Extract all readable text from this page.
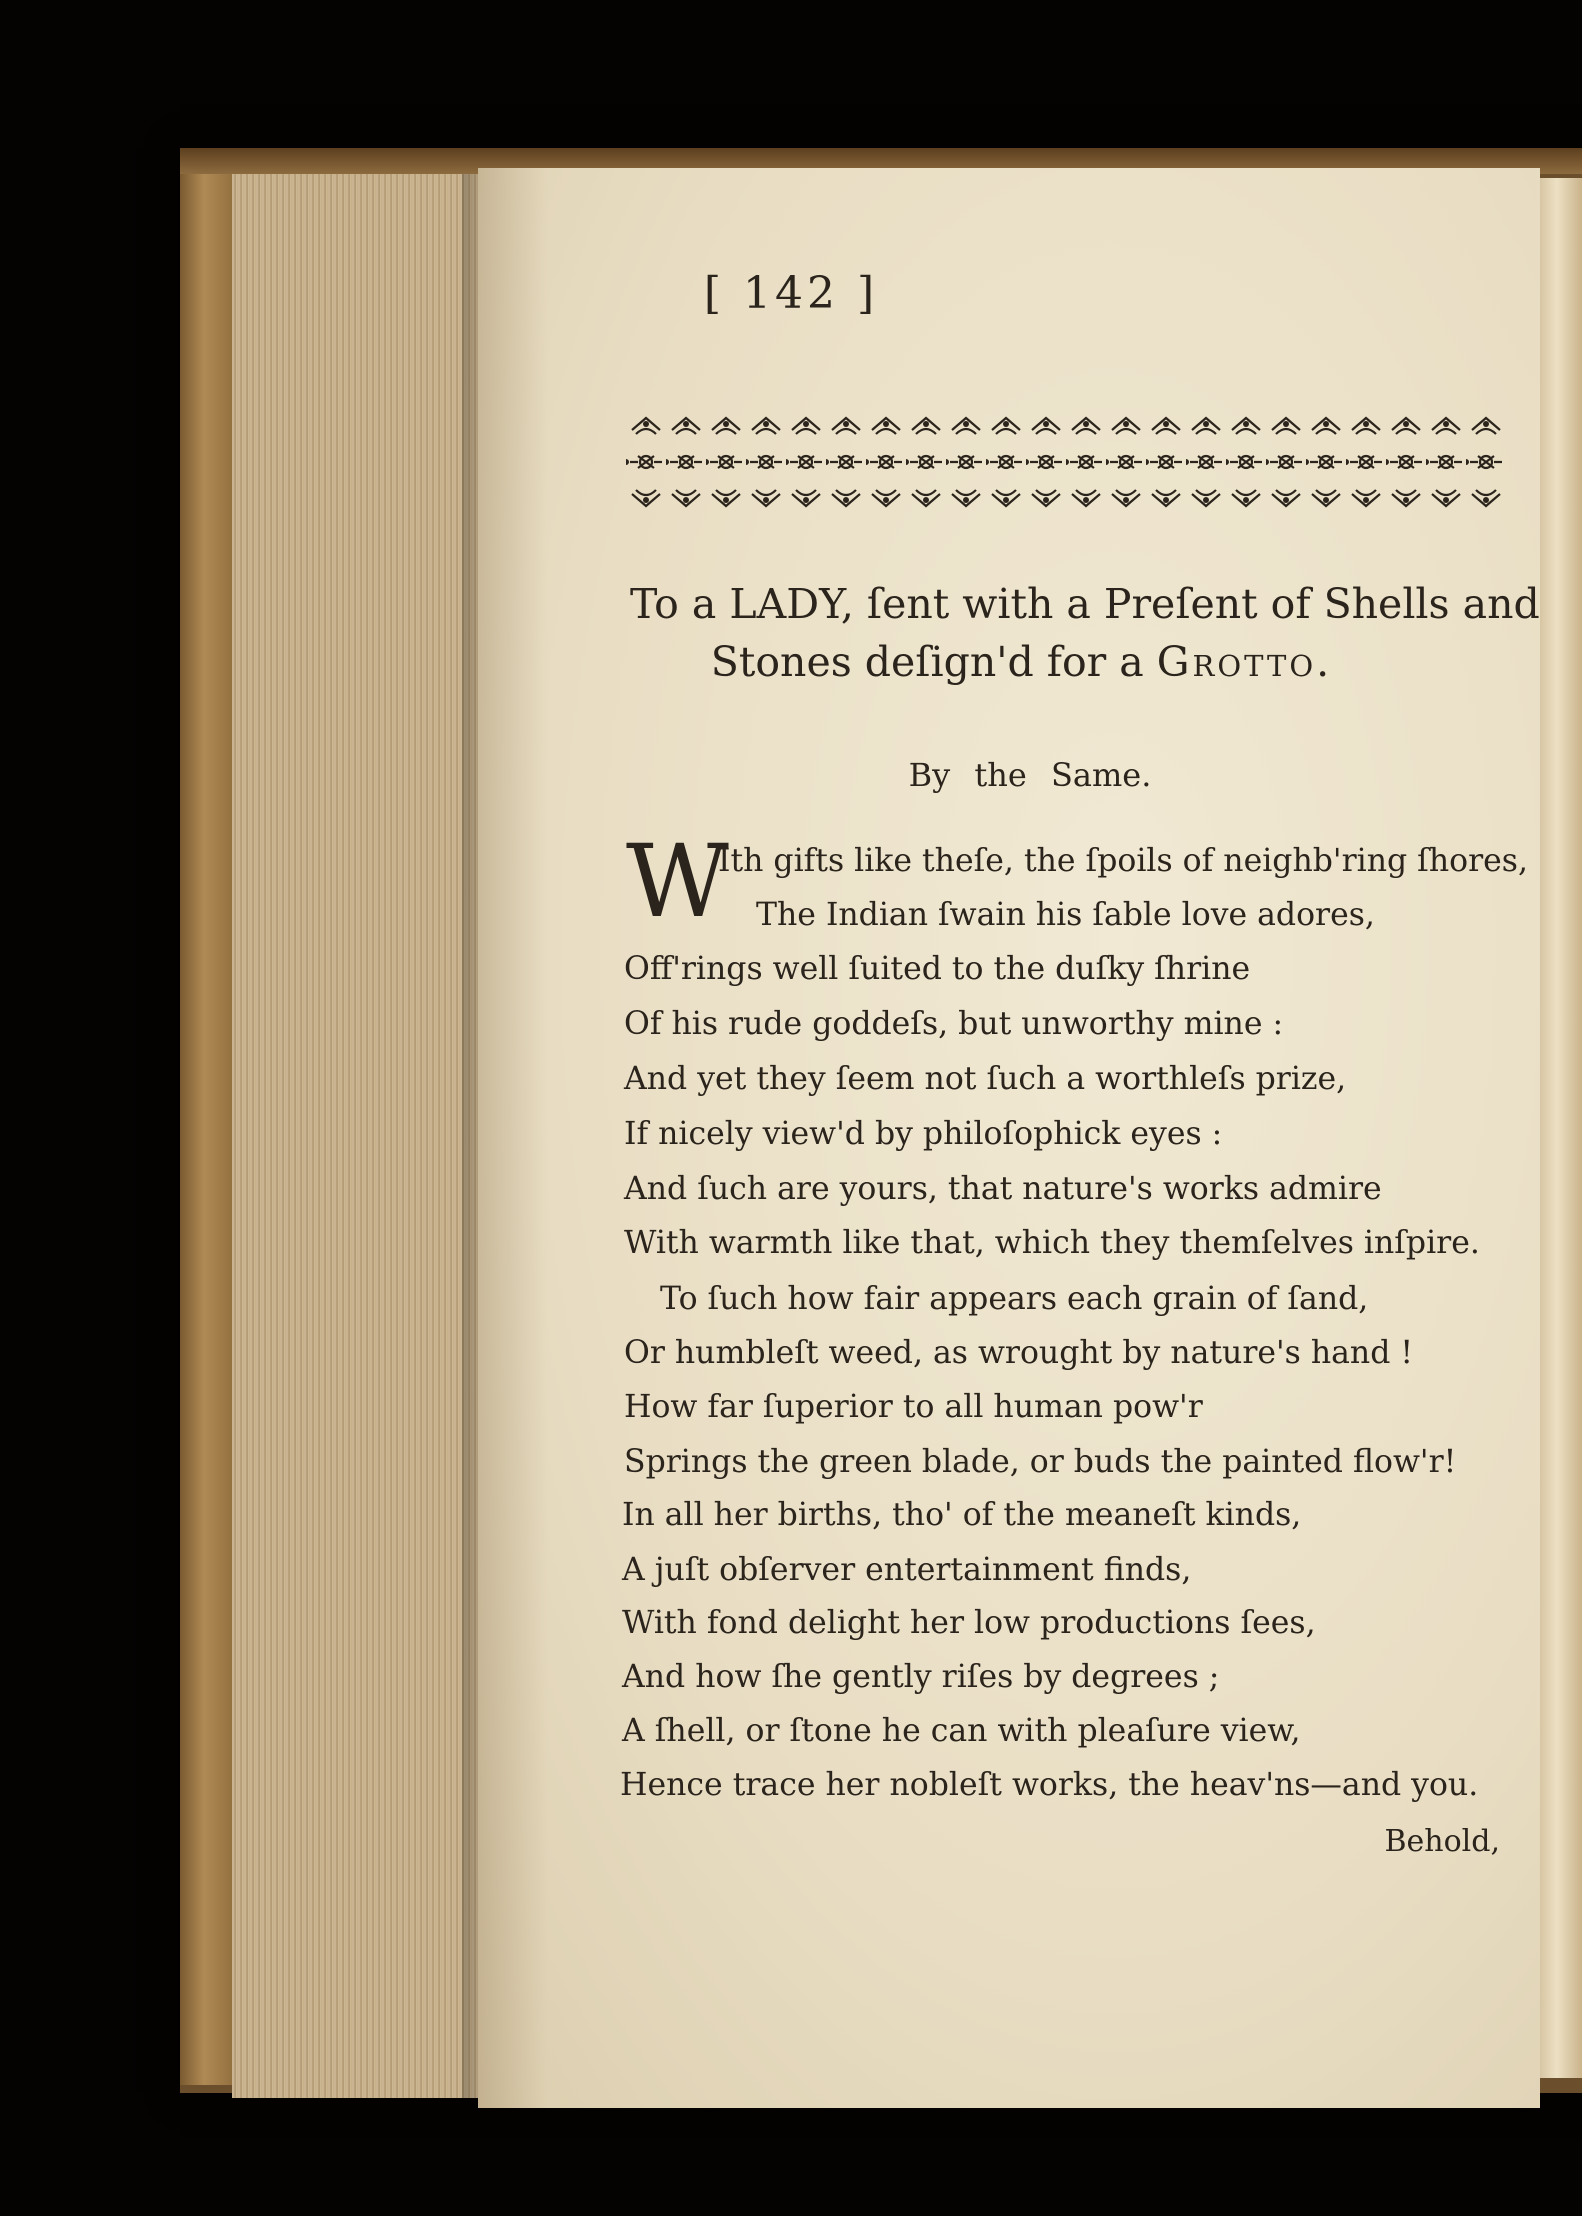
[ 142 ]
To a LADY, ſent with a Preſent of Shells and
Stones deſign'd for a Grotto.
By the Same.
W
Ith gifts like theſe, the ſpoils of neighb'ring ſhores,
The Indian ſwain his ſable love adores,
Off'rings well ſuited to the duſky ſhrine
Of his rude goddeſs, but unworthy mine :
And yet they ſeem not ſuch a worthleſs prize,
If nicely view'd by philoſophick eyes :
And ſuch are yours, that nature's works admire
With warmth like that, which they themſelves inſpire.
To ſuch how fair appears each grain of ſand,
Or humbleſt weed, as wrought by nature's hand !
How far ſuperior to all human pow'r
Springs the green blade, or buds the painted flow'r!
In all her births, tho' of the meaneſt kinds,
A juſt obſerver entertainment finds,
With fond delight her low productions ſees,
And how ſhe gently riſes by degrees ;
A ſhell, or ſtone he can with pleaſure view,
Hence trace her nobleſt works, the heav'ns—and you.
Behold,
